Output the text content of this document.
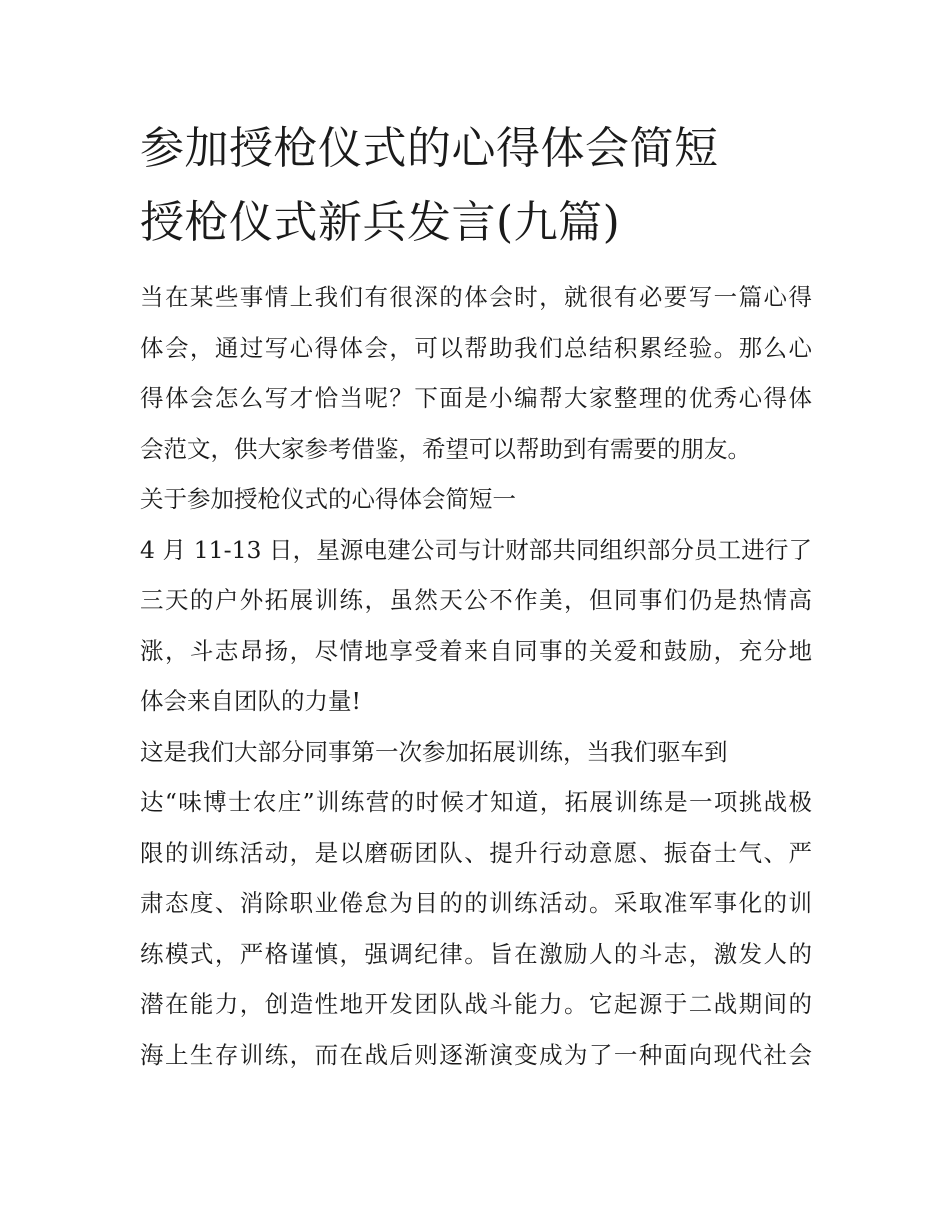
参加授枪仪式的心得体会简短
授枪仪式新兵发言(九篇)
当在某些事情上我们有很深的体会时，就很有必要写一篇心得
体会，通过写心得体会，可以帮助我们总结积累经验。那么心
得体会怎么写才恰当呢？下面是小编帮大家整理的优秀心得体
会范文，供大家参考借鉴，希望可以帮助到有需要的朋友。
关于参加授枪仪式的心得体会简短一
4 月 11-13 日，星源电建公司与计财部共同组织部分员工进行了
三天的户外拓展训练，虽然天公不作美，但同事们仍是热情高
涨，斗志昂扬，尽情地享受着来自同事的关爱和鼓励，充分地
体会来自团队的力量!
这是我们大部分同事第一次参加拓展训练，当我们驱车到
达“味博士农庄”训练营的时候才知道，拓展训练是一项挑战极
限的训练活动，是以磨砺团队、提升行动意愿、振奋士气、严
肃态度、消除职业倦怠为目的的训练活动。采取准军事化的训
练模式，严格谨慎，强调纪律。旨在激励人的斗志，激发人的
潜在能力，创造性地开发团队战斗能力。它起源于二战期间的
海上生存训练，而在战后则逐渐演变成为了一种面向现代社会
